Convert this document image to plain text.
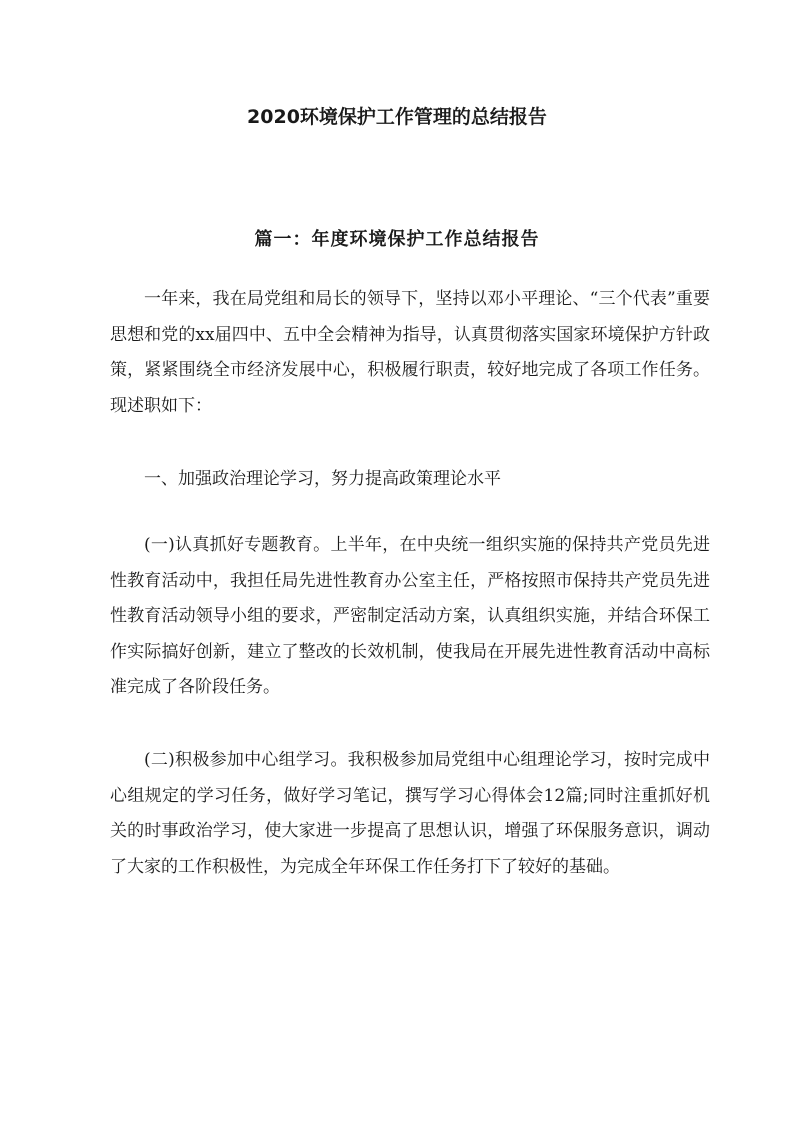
2020环境保护工作管理的总结报告
篇一：年度环境保护工作总结报告

一年来，我在局党组和局长的领导下，坚持以邓小平理论、“三个代表”重要思想和党的xx届四中、五中全会精神为指导，认真贯彻落实国家环境保护方针政策，紧紧围绕全市经济发展中心，积极履行职责，较好地完成了各项工作任务。现述职如下：

一、加强政治理论学习，努力提高政策理论水平

(一)认真抓好专题教育。上半年，在中央统一组织实施的保持共产党员先进性教育活动中，我担任局先进性教育办公室主任，严格按照市保持共产党员先进性教育活动领导小组的要求，严密制定活动方案，认真组织实施，并结合环保工作实际搞好创新，建立了整改的长效机制，使我局在开展先进性教育活动中高标准完成了各阶段任务。

(二)积极参加中心组学习。我积极参加局党组中心组理论学习，按时完成中心组规定的学习任务，做好学习笔记，撰写学习心得体会12篇;同时注重抓好机关的时事政治学习，使大家进一步提高了思想认识，增强了环保服务意识，调动了大家的工作积极性，为完成全年环保工作任务打下了较好的基础。
